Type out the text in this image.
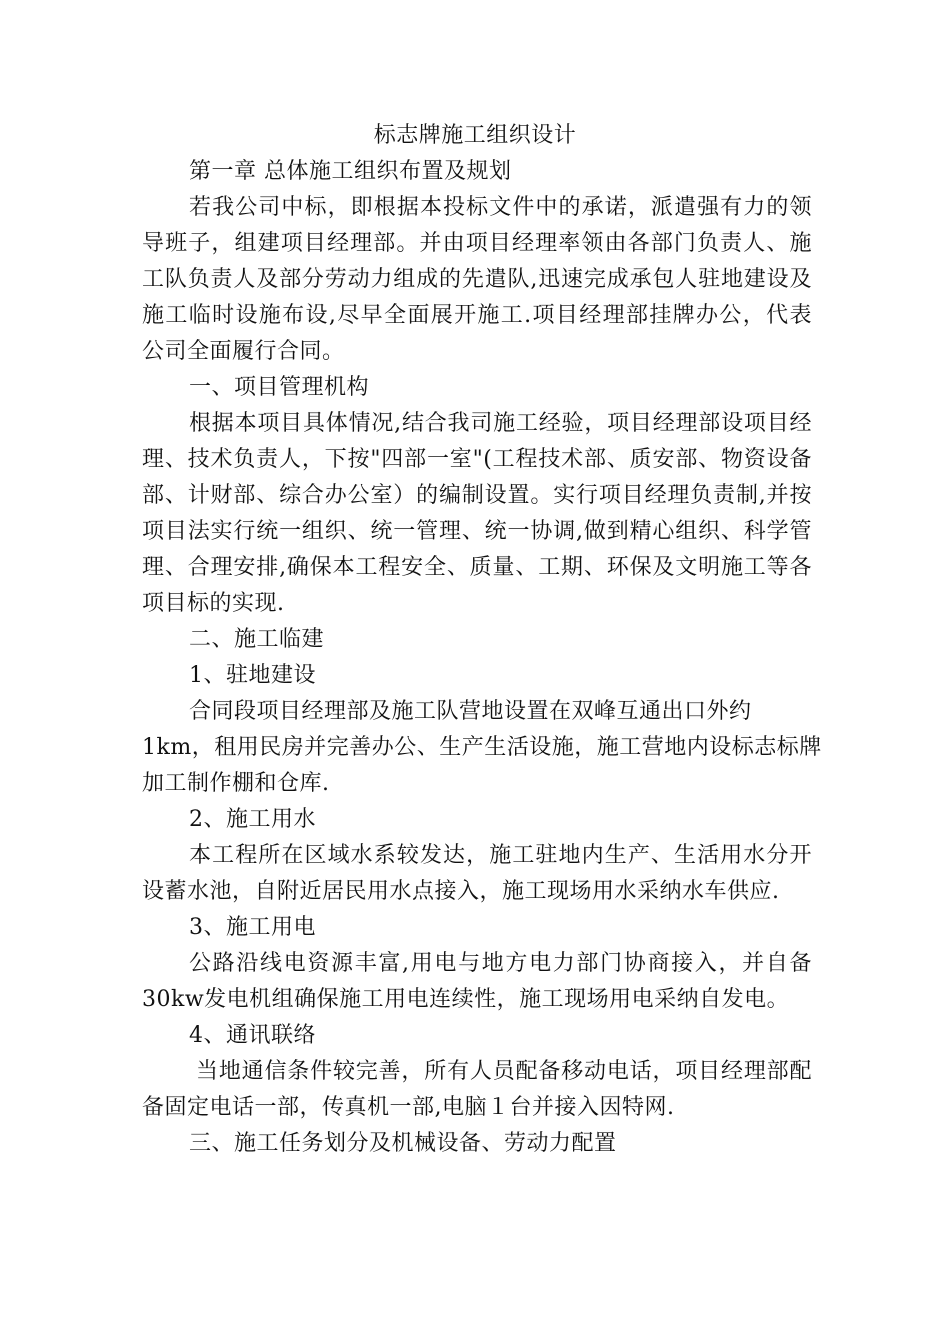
标志牌施工组织设计
第一章 总体施工组织布置及规划
若我公司中标，即根据本投标文件中的承诺，派遣强有力的领
导班子，组建项目经理部。并由项目经理率领由各部门负责人、施
工队负责人及部分劳动力组成的先遣队,迅速完成承包人驻地建设及
施工临时设施布设,尽早全面展开施工.项目经理部挂牌办公，代表
公司全面履行合同。
一、项目管理机构
根据本项目具体情况,结合我司施工经验，项目经理部设项目经
理、技术负责人，下按"四部一室"(工程技术部、质安部、物资设备
部、计财部、综合办公室）的编制设置。实行项目经理负责制,并按
项目法实行统一组织、统一管理、统一协调,做到精心组织、科学管
理、合理安排,确保本工程安全、质量、工期、环保及文明施工等各
项目标的实现.
二、施工临建
1、驻地建设
合同段项目经理部及施工队营地设置在双峰互通出口外约
1km，租用民房并完善办公、生产生活设施，施工营地内设标志标牌
加工制作棚和仓库.
2、施工用水
本工程所在区域水系较发达，施工驻地内生产、生活用水分开
设蓄水池，自附近居民用水点接入，施工现场用水采纳水车供应.
3、施工用电
公路沿线电资源丰富,用电与地方电力部门协商接入，并自备
30kw发电机组确保施工用电连续性，施工现场用电采纳自发电。
4、通讯联络
当地通信条件较完善，所有人员配备移动电话，项目经理部配
备固定电话一部，传真机一部,电脑１台并接入因特网.
三、施工任务划分及机械设备、劳动力配置
